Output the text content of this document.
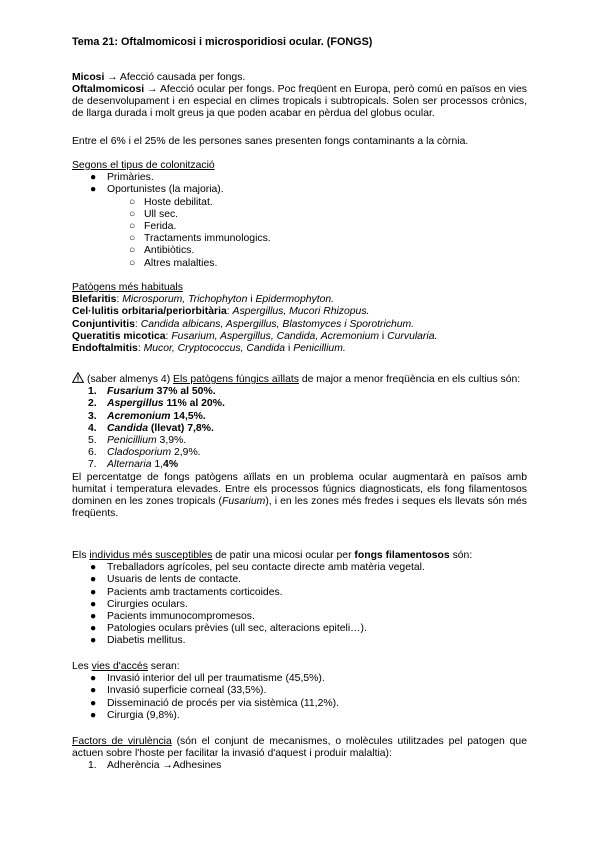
Tema 21: Oftalmomicosi i microsporidiosi ocular. (FONGS)
Micosi → Afecció causada per fongs.
Oftalmomicosi → Afecció ocular per fongs. Poc freqüent en Europa, però comú en països en vies de desenvolupament i en especial en climes tropicals i subtropicals. Solen ser processos crònics, de llarga durada i molt greus ja que poden acabar en pèrdua del globus ocular.
Entre el 6% i el 25% de les persones sanes presenten fongs contaminants a la còrnia.
Segons el tipus de colonització
●	Primàries.
●	Oportunistes (la majoria).
○ Hoste debilitat.
○ Ull sec.
○ Ferida.
○ Tractaments immunologics.
○ Antibiòtics.
○ Altres malalties.
Patògens més habituals
Blefaritis: Microsporum, Trichophyton i Epidermophyton.
Cel·lulitis orbitaria/periorbitària: Aspergillus, Mucori Rhizopus.
Conjuntivitis: Candida albicans, Aspergillus, Blastomyces i Sporotrichum.
Queratitis micotica: Fusarium, Aspergillus, Candida, Acremonium i Curvularia.
Endoftalmitis: Mucor, Cryptococcus, Candida i Penicillium.
(saber almenys 4) Els patògens fúngics aïllats de major a menor freqüència en els cultius són:
1. Fusarium 37% al 50%.
2. Aspergillus 11% al 20%.
3. Acremonium 14,5%.
4. Candida (llevat) 7,8%.
5. Penicillium 3,9%.
6. Cladosporium 2,9%.
7. Alternaria 1,4%
El percentatge de fongs patògens aïllats en un problema ocular augmentarà en països amb humitat i temperatura elevades. Entre els processos fúgnics diagnosticats, els fong filamentosos dominen en les zones tropicals (Fusarium), i en les zones més fredes i seques els llevats són més freqüents.
Els individus més susceptibles de patir una micosi ocular per fongs filamentosos són:
●	Treballadors agrícoles, pel seu contacte directe amb matèria vegetal.
●	Usuaris de lents de contacte.
●	Pacients amb tractaments corticoides.
●	Cirurgies oculars.
●	Pacients immunocompromesos.
●	Patologies oculars prèvies (ull sec, alteracions epiteli…).
●	Diabetis mellitus.
Les vies d'accés seran:
●	Invasió interior del ull per traumatisme (45,5%).
●	Invasió superficie corneal (33,5%).
●	Disseminació de procés per via sistèmica (11,2%).
●	Cirurgia (9,8%).
Factors de virulència (són el conjunt de mecanismes, o molècules utilitzades pel patogen que actuen sobre l'hoste per facilitar la invasió d'aquest i produir malaltia):
1. Adherència →Adhesines
